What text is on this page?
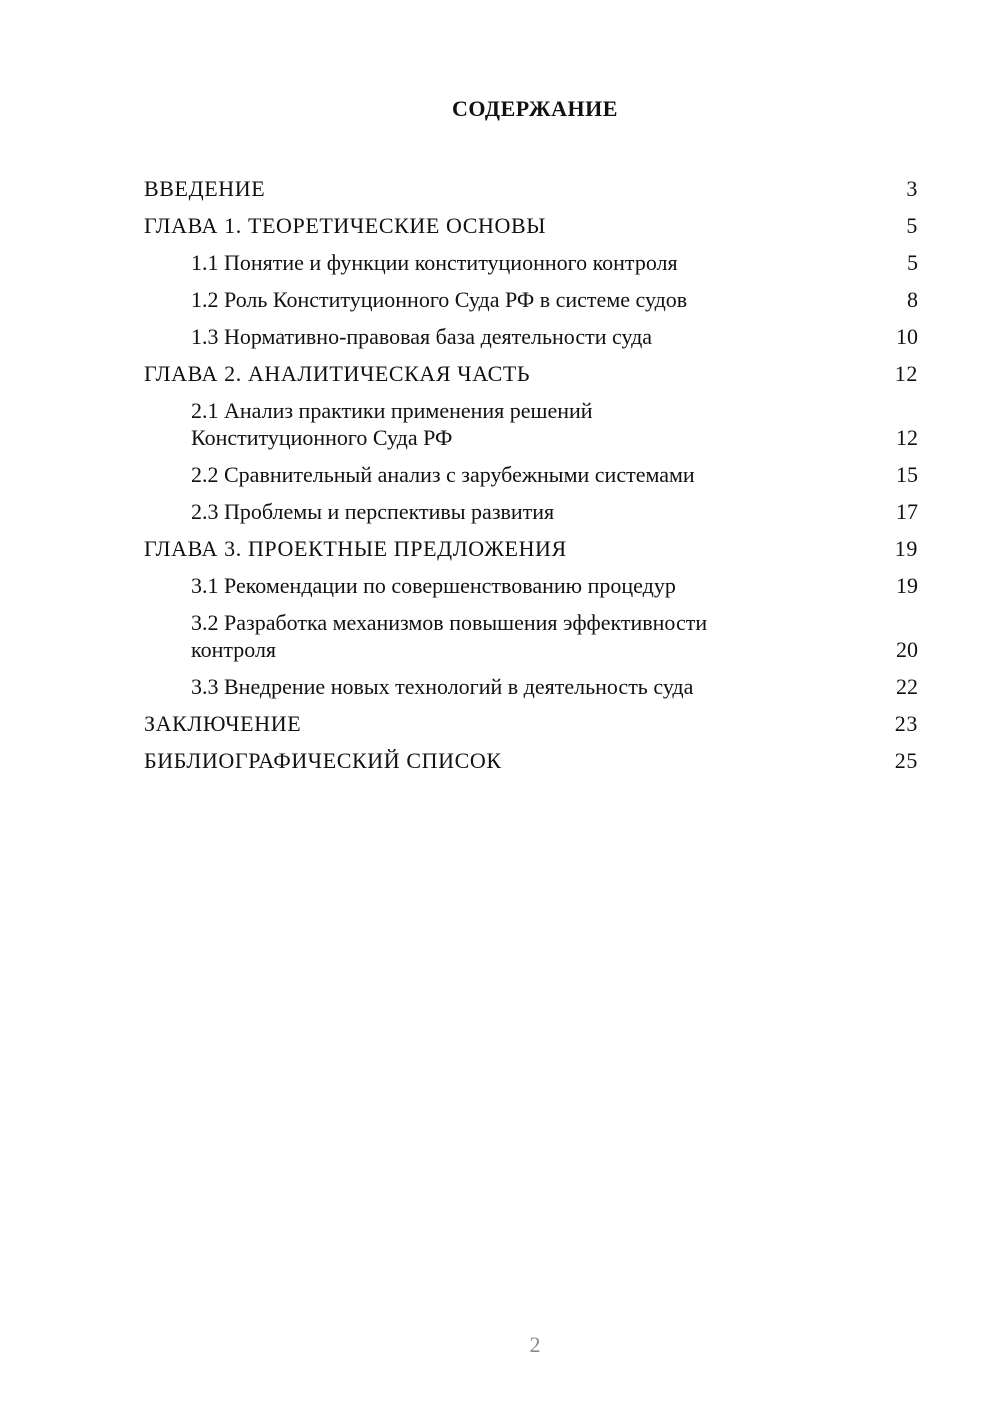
СОДЕРЖАНИЕ
ВВЕДЕНИЕ	3
ГЛАВА 1. ТЕОРЕТИЧЕСКИЕ ОСНОВЫ	5
1.1 Понятие и функции конституционного контроля	5
1.2 Роль Конституционного Суда РФ в системе судов	8
1.3 Нормативно-правовая база деятельности суда	10
ГЛАВА 2. АНАЛИТИЧЕСКАЯ ЧАСТЬ	12
2.1 Анализ практики применения решений Конституционного Суда РФ	12
2.2 Сравнительный анализ с зарубежными системами	15
2.3 Проблемы и перспективы развития	17
ГЛАВА 3. ПРОЕКТНЫЕ ПРЕДЛОЖЕНИЯ	19
3.1 Рекомендации по совершенствованию процедур	19
3.2 Разработка механизмов повышения эффективности контроля	20
3.3 Внедрение новых технологий в деятельность суда	22
ЗАКЛЮЧЕНИЕ	23
БИБЛИОГРАФИЧЕСКИЙ СПИСОК	25
2
